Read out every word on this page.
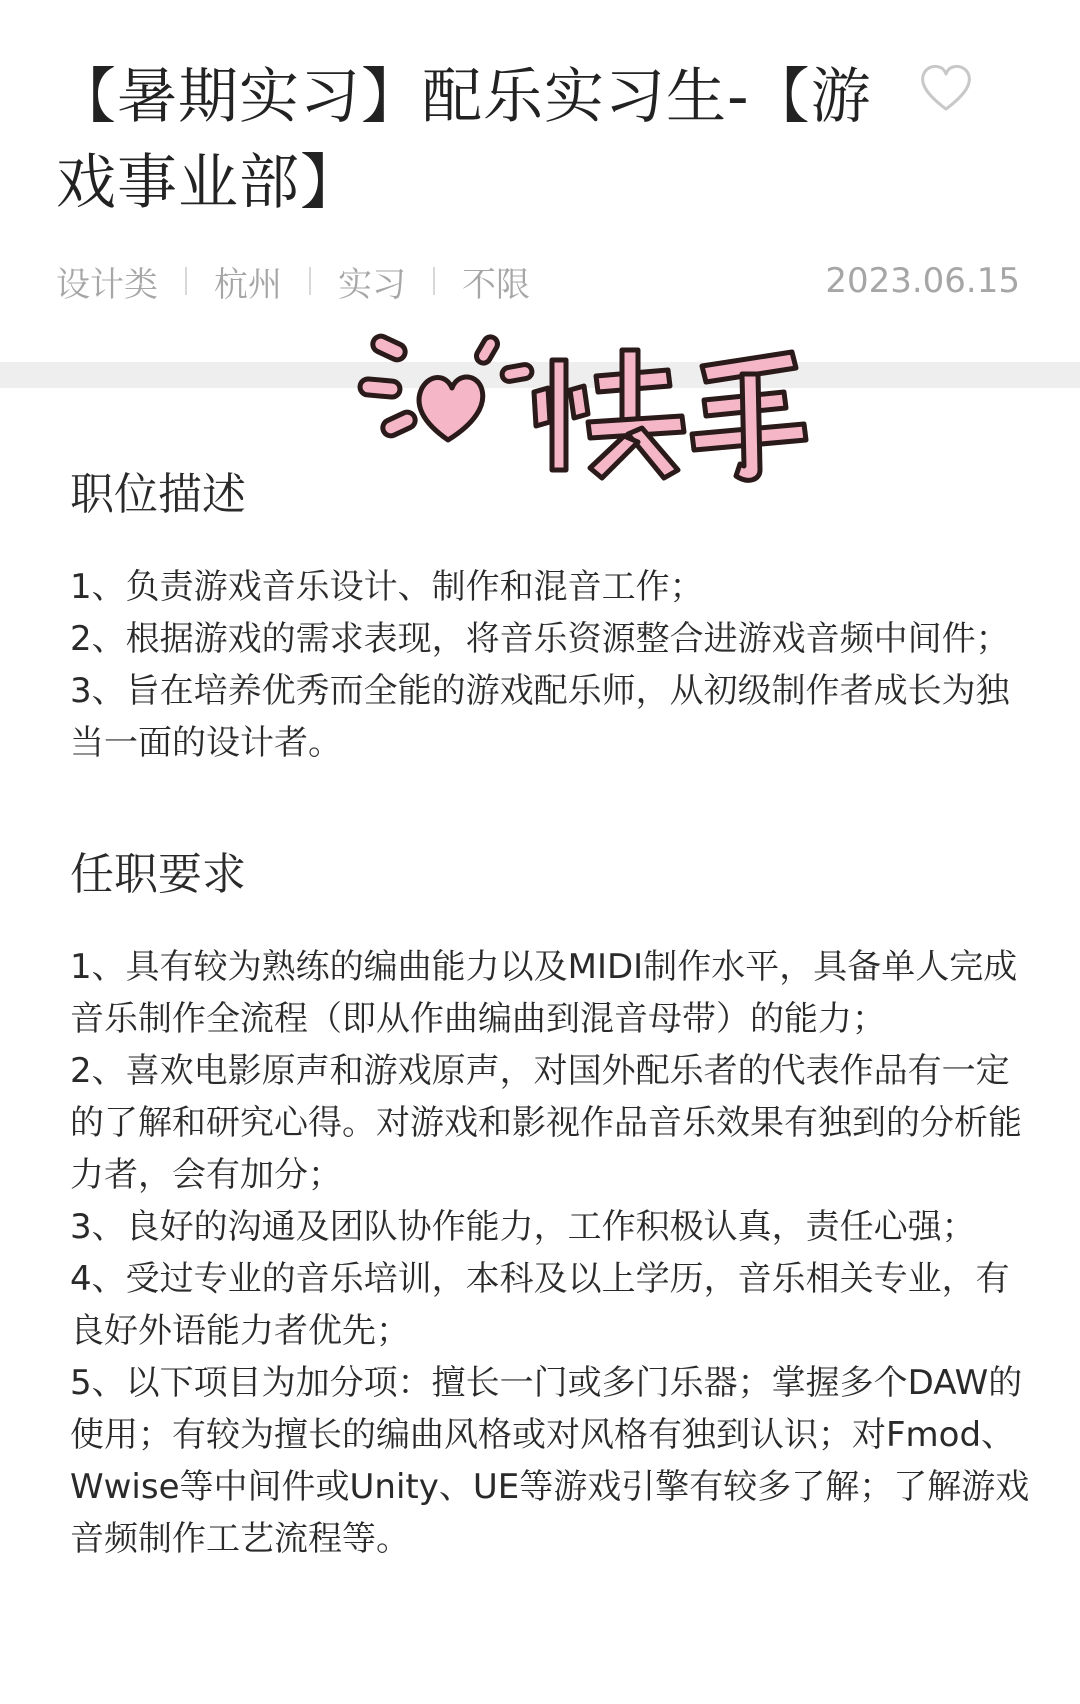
【暑期实习】配乐实习生-【游戏事业部】
设计类 杭州 实习 不限	2023.06.15
职位描述
1、负责游戏音乐设计、制作和混音工作；
2、根据游戏的需求表现，将音乐资源整合进游戏音频中间件；
3、旨在培养优秀而全能的游戏配乐师，从初级制作者成长为独当一面的设计者。
任职要求
1、具有较为熟练的编曲能力以及MIDI制作水平，具备单人完成音乐制作全流程（即从作曲编曲到混音母带）的能力；
2、喜欢电影原声和游戏原声，对国外配乐者的代表作品有一定的了解和研究心得。对游戏和影视作品音乐效果有独到的分析能力者，会有加分；
3、良好的沟通及团队协作能力，工作积极认真，责任心强；
4、受过专业的音乐培训，本科及以上学历，音乐相关专业，有良好外语能力者优先；
5、以下项目为加分项：擅长一门或多门乐器；掌握多个DAW的使用；有较为擅长的编曲风格或对风格有独到认识；对Fmod、Wwise等中间件或Unity、UE等游戏引擎有较多了解；了解游戏音频制作工艺流程等。
